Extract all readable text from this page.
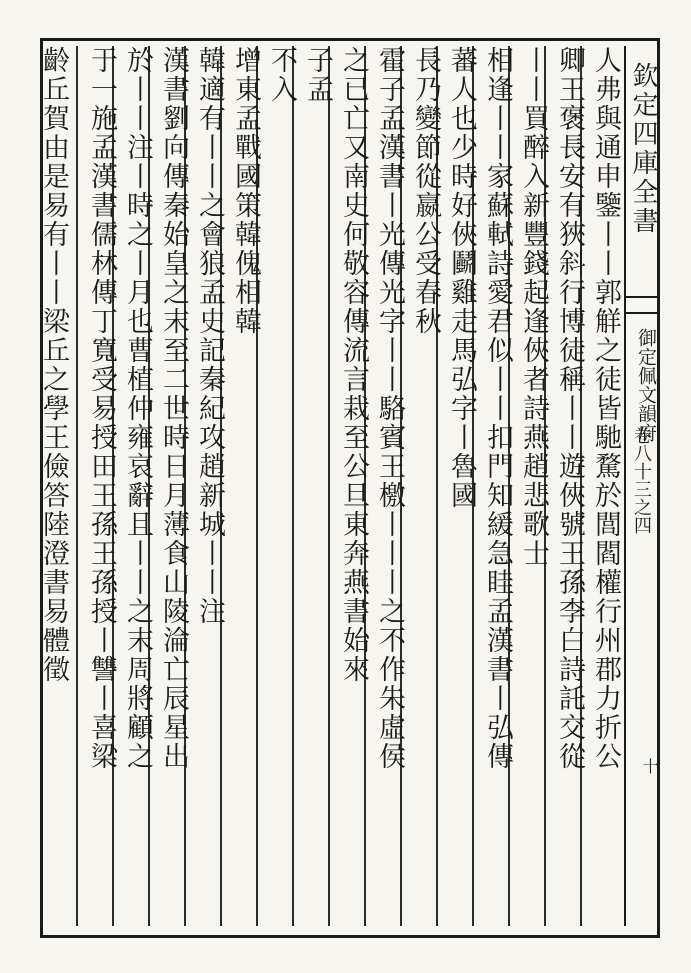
欽定四庫全書
御定佩文韻府
卷八十三之四
十
人弗與通申鑒丨丨郭觧之徒皆馳騖於閭閻權行州郡力折公
卿王褒長安有狹斜行博徒稱丨丨遊俠號王孫李白詩託交從
丨丨買醉入新豐錢起逢俠者詩燕趙悲歌士
相逢丨丨家蘇軾詩愛君似丨丨扣門知緩急眭孟漢書丨弘傳
蕃人也少時好俠鬬雞走馬弘字丨魯國
長乃變節從嬴公受春秋
霍子孟漢書丨光傳光字丨丨駱賓王檄丨丨丨之不作朱虛侯
之已亡又南史何敬容傳流言栽至公旦東奔燕書始來
子孟
不入
增東孟戰國策韓傀相韓
韓適有丨丨之會狼孟史記秦紀攻趙新城丨丨注
漢書劉向傳秦始皇之末至二世時日月薄食山陵淪亡辰星出
於丨丨注丨時之丨月也曹植仲雍哀辭且丨丨之末周將顧之
于一施孟漢書儒林傳丁寬受易授田王孫王孫授丨讐丨喜梁
齡丘賀由是易有丨丨梁丘之學王儉答陸澄書易體徵
